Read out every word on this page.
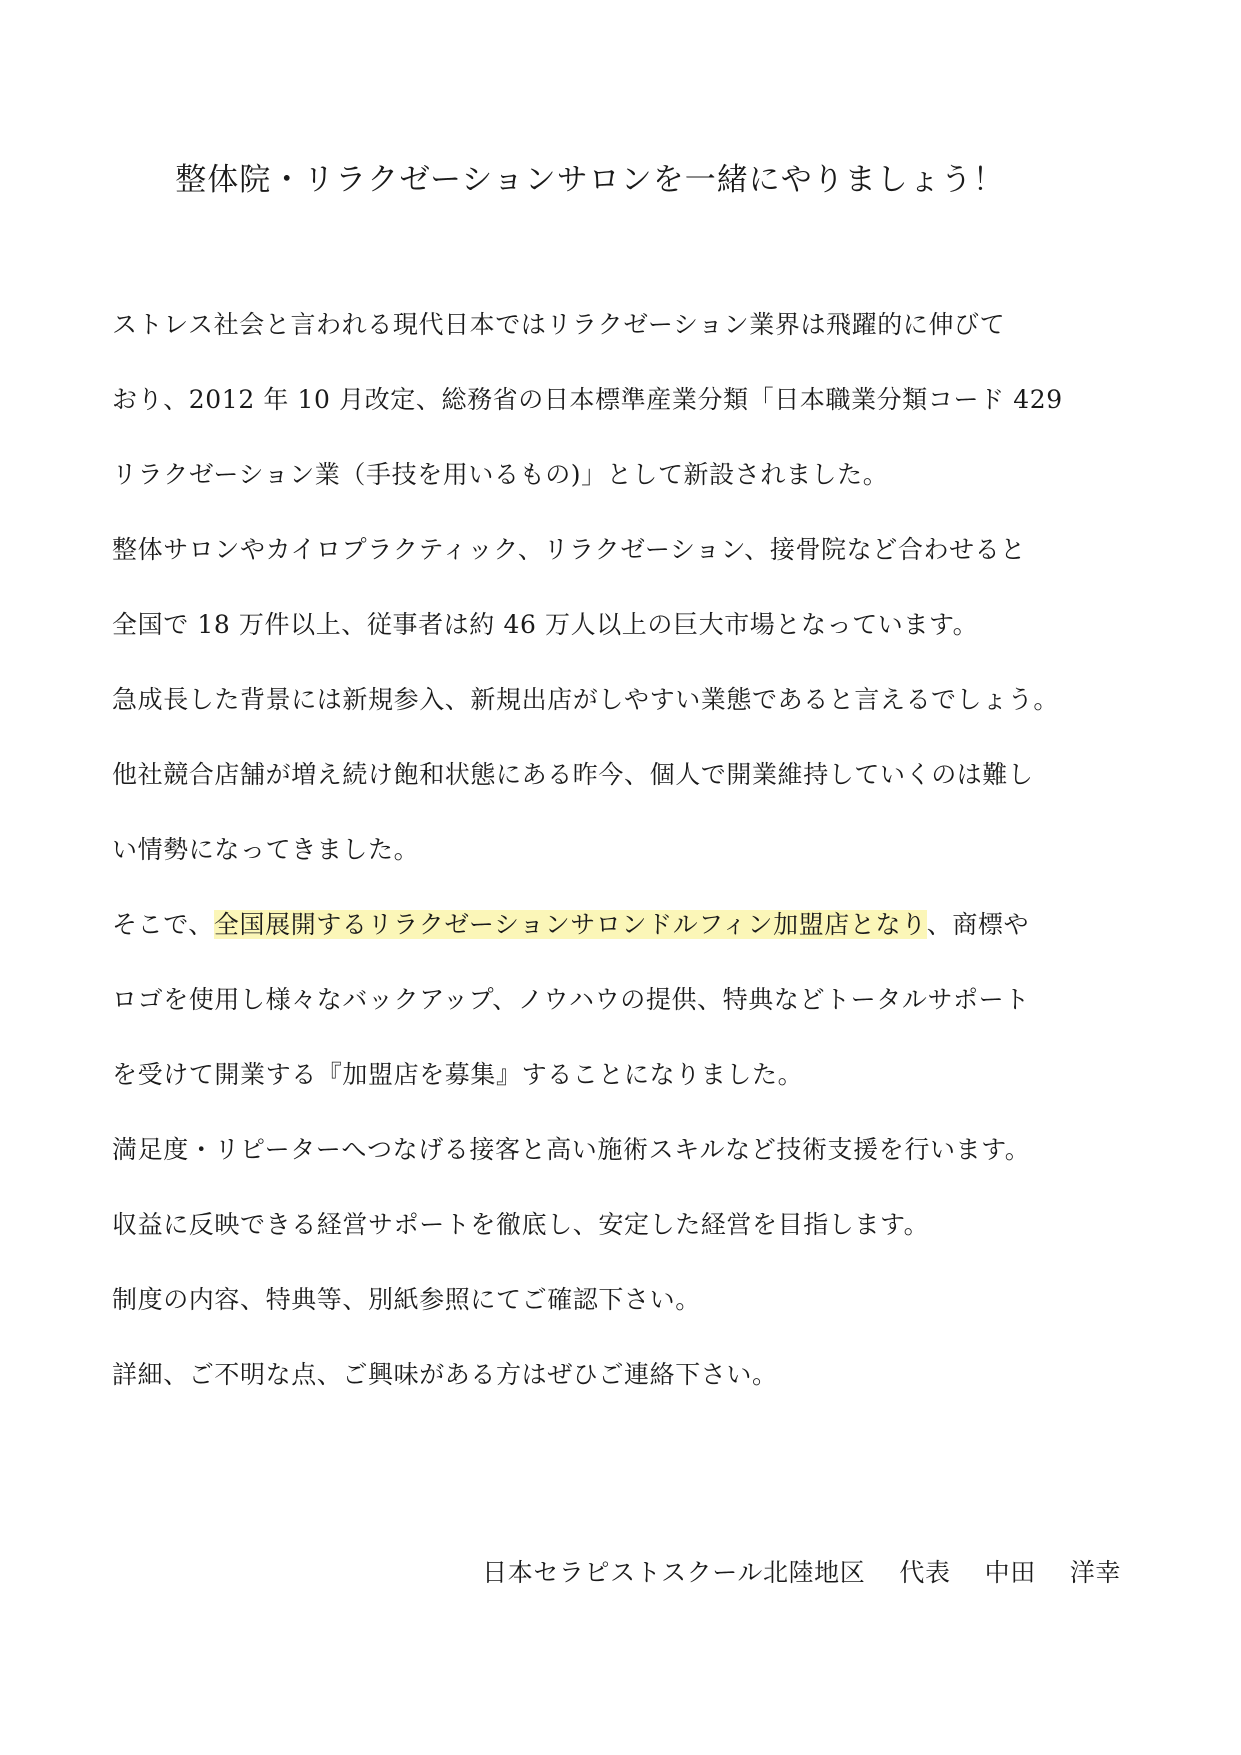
整体院・リラクゼーションサロンを一緒にやりましょう！
ストレス社会と言われる現代日本ではリラクゼーション業界は飛躍的に伸びて
おり、2012 年 10 月改定、総務省の日本標準産業分類「日本職業分類コード 429
リラクゼーション業（手技を用いるもの)」として新設されました。
整体サロンやカイロプラクティック、リラクゼーション、接骨院など合わせると
全国で 18 万件以上、従事者は約 46 万人以上の巨大市場となっています。
急成長した背景には新規参入、新規出店がしやすい業態であると言えるでしょう。
他社競合店舗が増え続け飽和状態にある昨今、個人で開業維持していくのは難し
い情勢になってきました。
そこで、全国展開するリラクゼーションサロンドルフィン加盟店となり、商標や
ロゴを使用し様々なバックアップ、ノウハウの提供、特典などトータルサポート
を受けて開業する『加盟店を募集』することになりました。
満足度・リピーターへつなげる接客と高い施術スキルなど技術支援を行います。
収益に反映できる経営サポートを徹底し、安定した経営を目指します。
制度の内容、特典等、別紙参照にてご確認下さい。
詳細、ご不明な点、ご興味がある方はぜひご連絡下さい。
日本セラピストスクール北陸地区 代表 中田 洋幸
